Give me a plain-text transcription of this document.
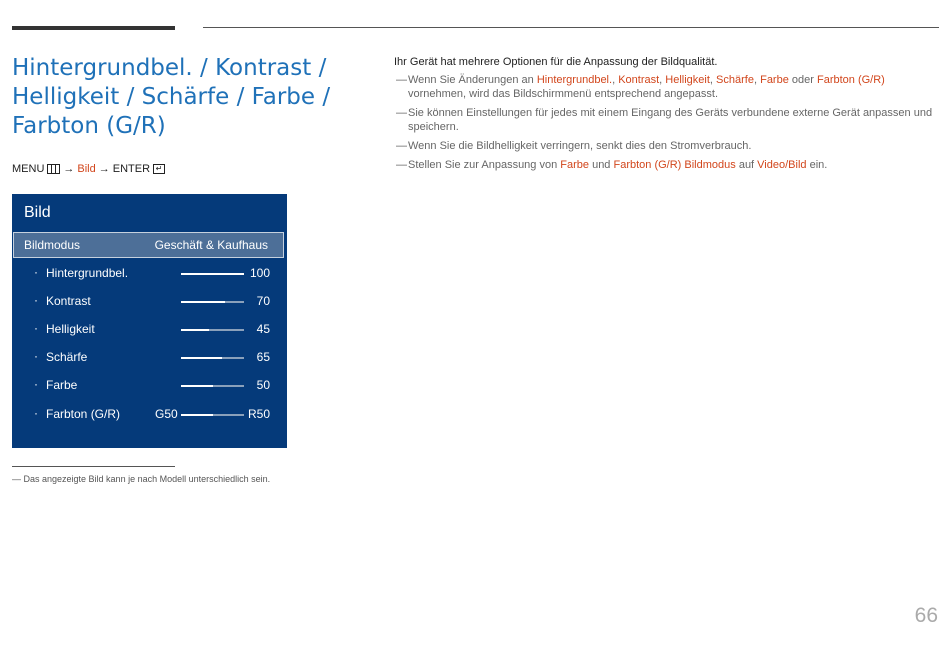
Hintergrundbel. / Kontrast / Helligkeit / Schärfe / Farbe / Farbton (G/R)
MENU → Bild → ENTER ↵
Bild
Bildmodus	Geschäft & Kaufhaus
· Hintergrundbel.	100
· Kontrast	70
· Helligkeit	45
· Schärfe	65
· Farbe	50
· Farbton (G/R)	G50	R50
― Das angezeigte Bild kann je nach Modell unterschiedlich sein.
Ihr Gerät hat mehrere Optionen für die Anpassung der Bildqualität.
― Wenn Sie Änderungen an Hintergrundbel., Kontrast, Helligkeit, Schärfe, Farbe oder Farbton (G/R) vornehmen, wird das Bildschirmmenü entsprechend angepasst.
― Sie können Einstellungen für jedes mit einem Eingang des Geräts verbundene externe Gerät anpassen und speichern.
― Wenn Sie die Bildhelligkeit verringern, senkt dies den Stromverbrauch.
― Stellen Sie zur Anpassung von Farbe und Farbton (G/R) Bildmodus auf Video/Bild ein.
66
